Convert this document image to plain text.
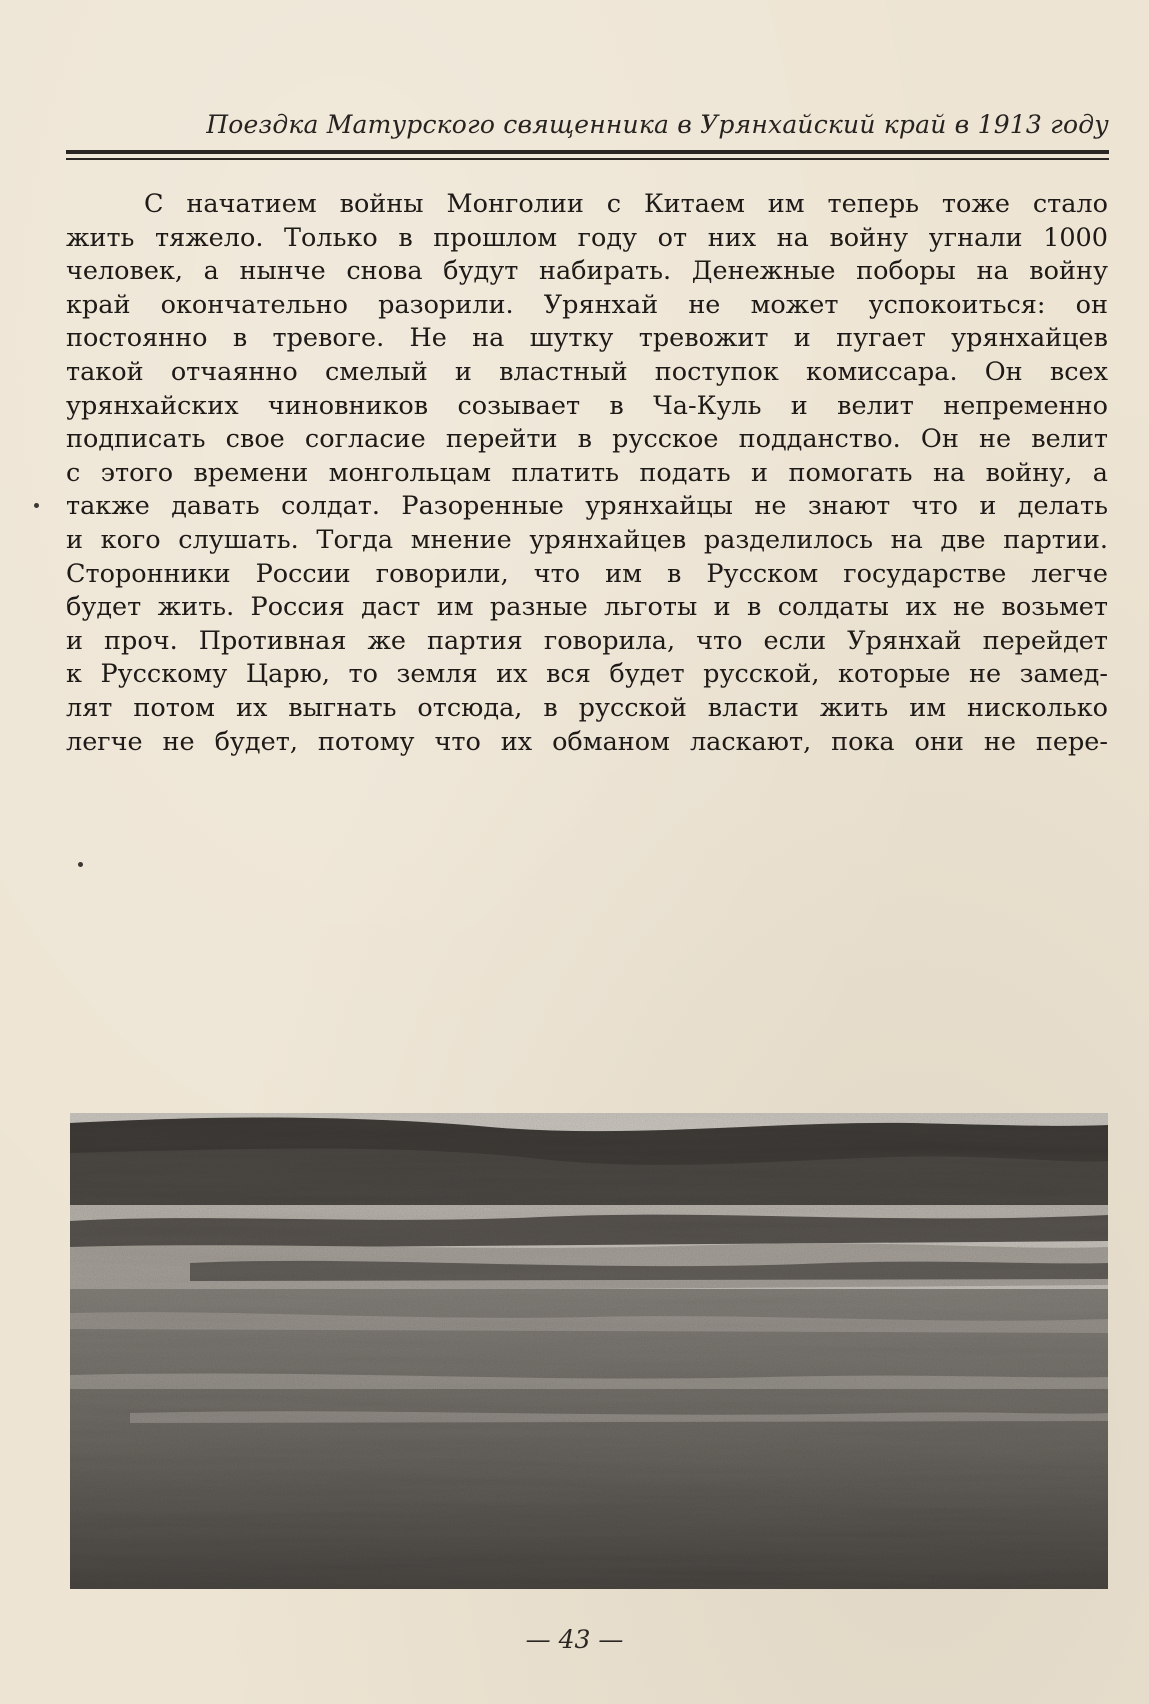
Поездка Матурского священника в Урянхайский край в 1913 году
С начатием войны Монголии с Китаем им теперь тоже стало
жить тяжело. Только в прошлом году от них на войну угнали 1000
человек, а нынче снова будут набирать. Денежные поборы на войну
край окончательно разорили. Урянхай не может успокоиться: он
постоянно в тревоге. Не на шутку тревожит и пугает урянхайцев
такой отчаянно смелый и властный поступок комиссара. Он всех
урянхайских чиновников созывает в Ча-Куль и велит непременно
подписать свое согласие перейти в русское подданство. Он не велит
с этого времени монгольцам платить подать и помогать на войну, а
также давать солдат. Разоренные урянхайцы не знают что и делать
и кого слушать. Тогда мнение урянхайцев разделилось на две партии.
Сторонники России говорили, что им в Русском государстве легче
будет жить. Россия даст им разные льготы и в солдаты их не возьмет
и проч. Противная же партия говорила, что если Урянхай перейдет
к Русскому Царю, то земля их вся будет русской, которые не замед-
лят потом их выгнать отсюда, в русской власти жить им нисколько
легче не будет, потому что их обманом ласкают, пока они не пере-
— 43 —
